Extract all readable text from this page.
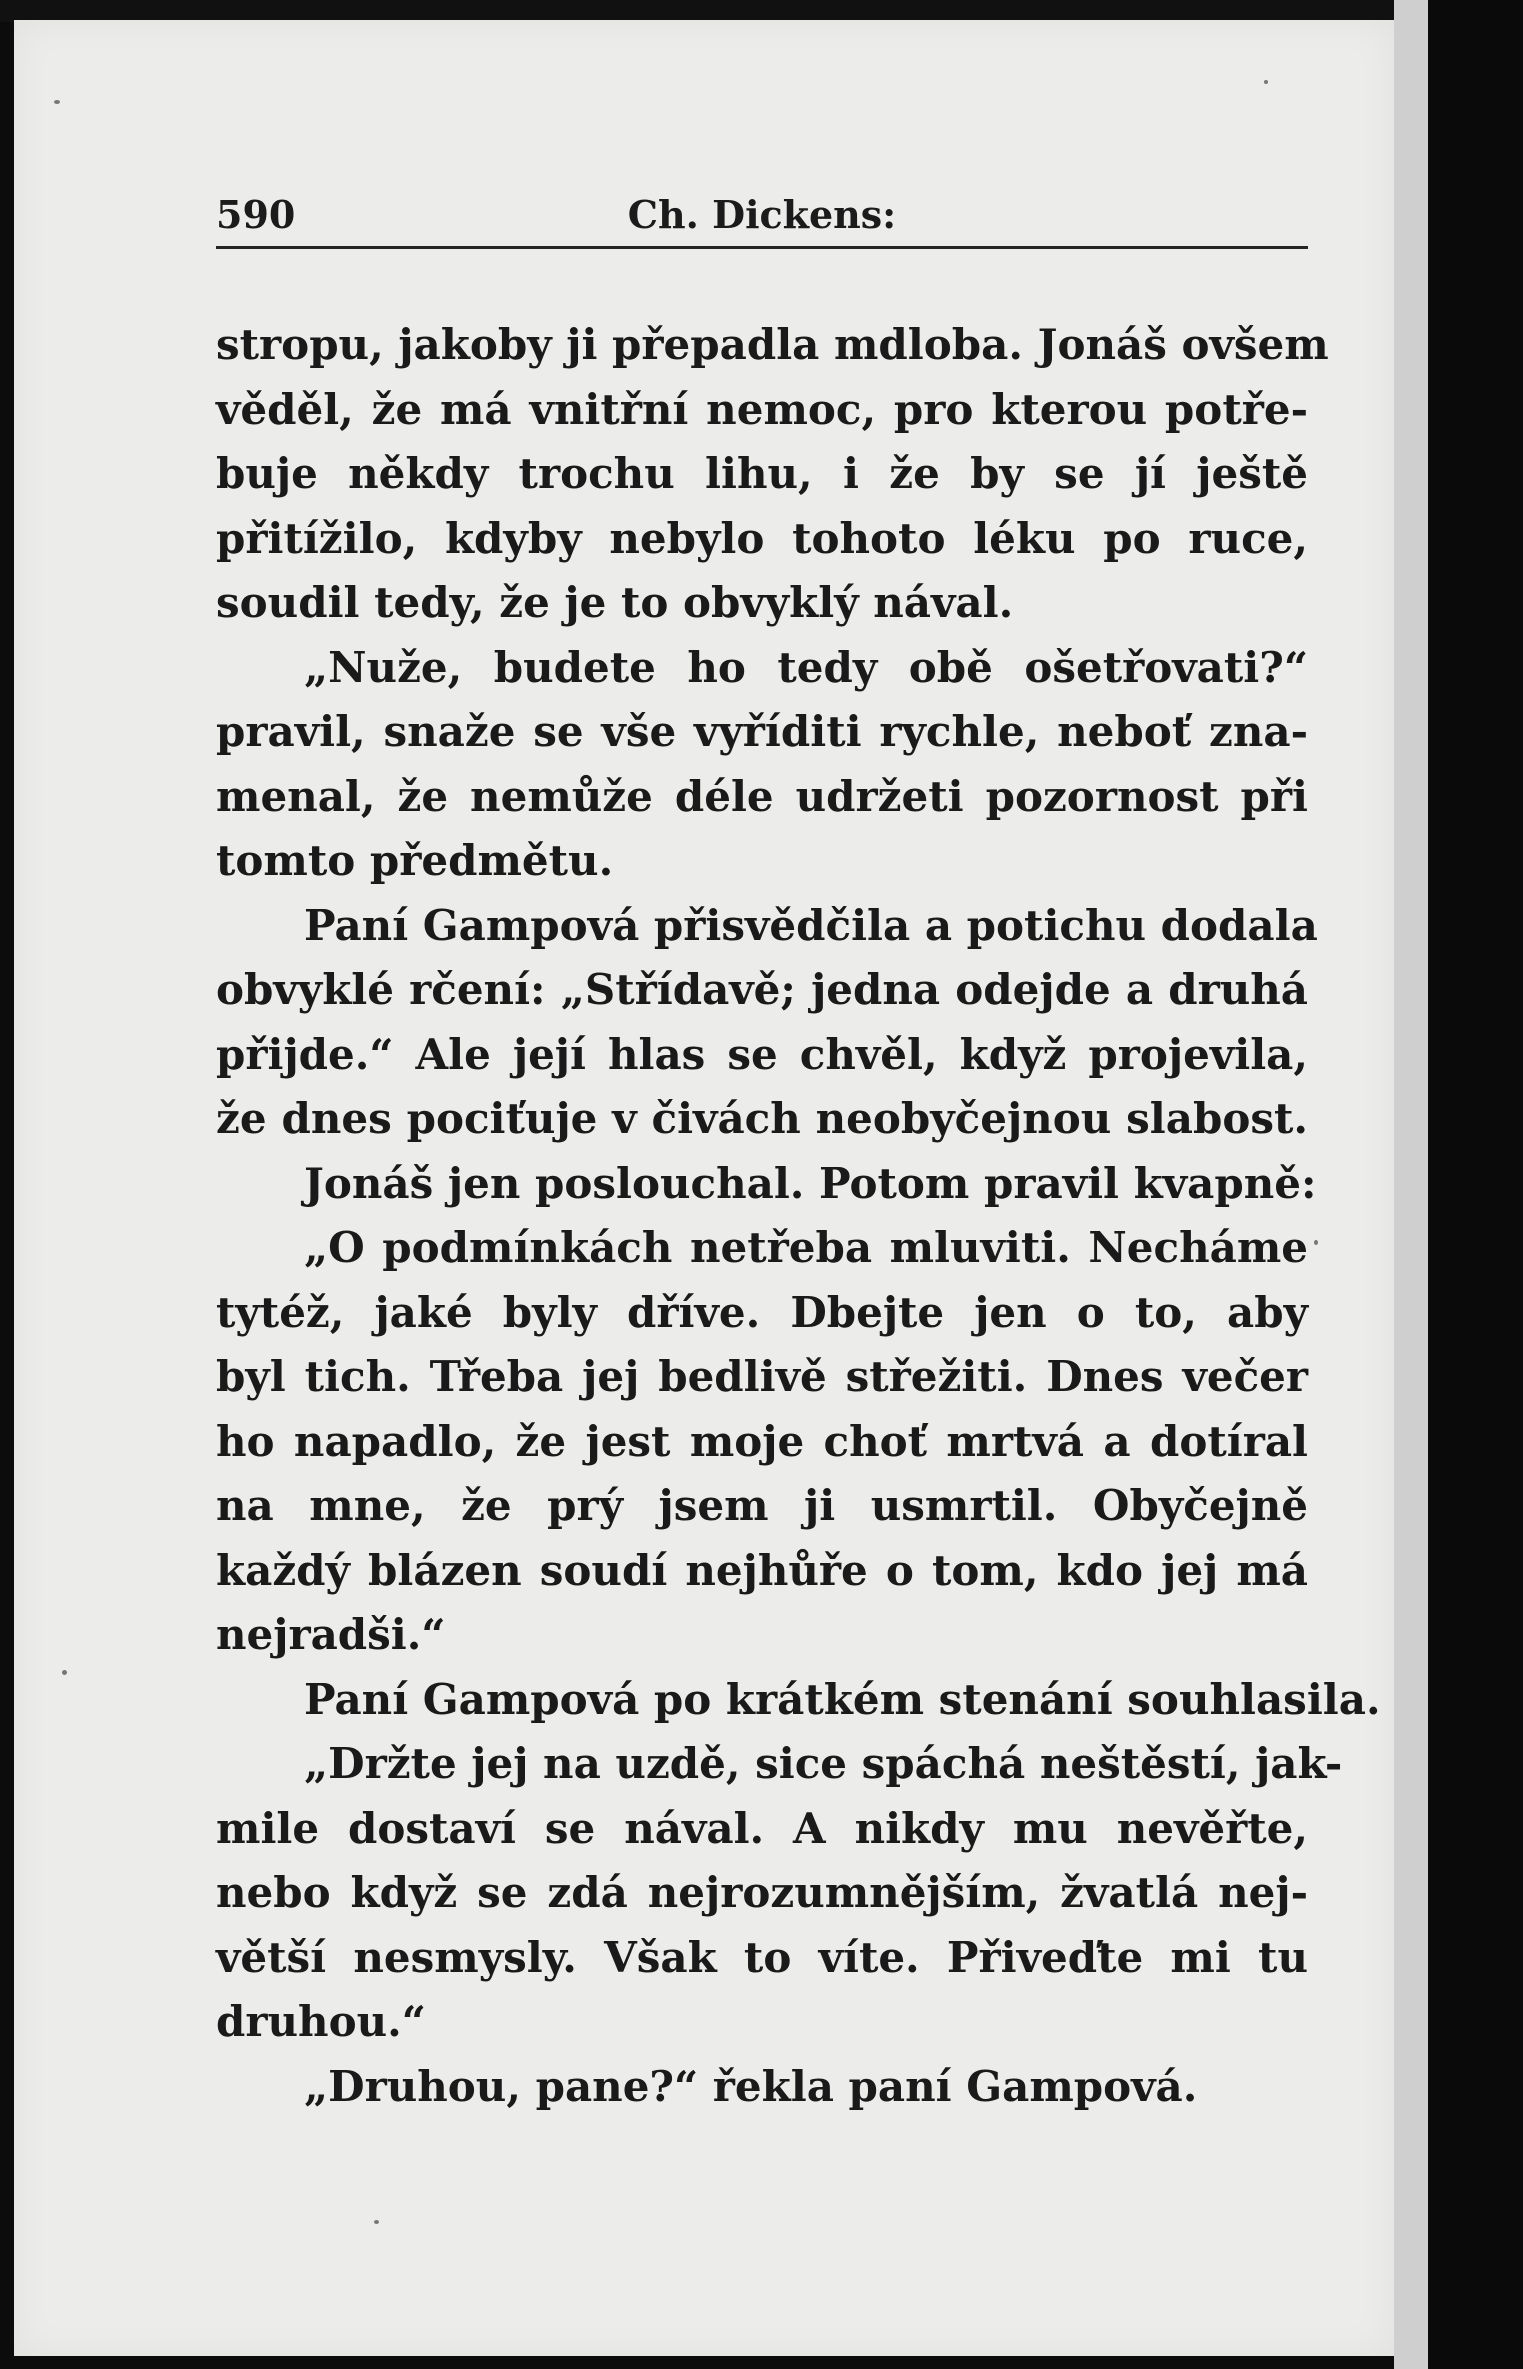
590	Ch. Dickens:
stropu, jakoby ji přepadla mdloba. Jonáš ovšem
věděl, že má vnitřní nemoc, pro kterou potře-
buje někdy trochu lihu, i že by se jí ještě
přitížilo, kdyby nebylo tohoto léku po ruce,
soudil tedy, že je to obvyklý nával.
„Nuže, budete ho tedy obě ošetřovati?“
pravil, snaže se vše vyříditi rychle, neboť zna-
menal, že nemůže déle udržeti pozornost při
tomto předmětu.
Paní Gampová přisvědčila a potichu dodala
obvyklé rčení: „Střídavě; jedna odejde a druhá
přijde.“ Ale její hlas se chvěl, když projevila,
že dnes pociťuje v čivách neobyčejnou slabost.
Jonáš jen poslouchal. Potom pravil kvapně:
„O podmínkách netřeba mluviti. Necháme
tytéž, jaké byly dříve. Dbejte jen o to, aby
byl tich. Třeba jej bedlivě střežiti. Dnes večer
ho napadlo, že jest moje choť mrtvá a dotíral
na mne, že prý jsem ji usmrtil. Obyčejně
každý blázen soudí nejhůře o tom, kdo jej má
nejradši.“
Paní Gampová po krátkém stenání souhlasila.
„Držte jej na uzdě, sice spáchá neštěstí, jak-
mile dostaví se nával. A nikdy mu nevěřte,
nebo když se zdá nejrozumnějším, žvatlá nej-
větší nesmysly. Však to víte. Přiveďte mi tu
druhou.“
„Druhou, pane?“ řekla paní Gampová.
